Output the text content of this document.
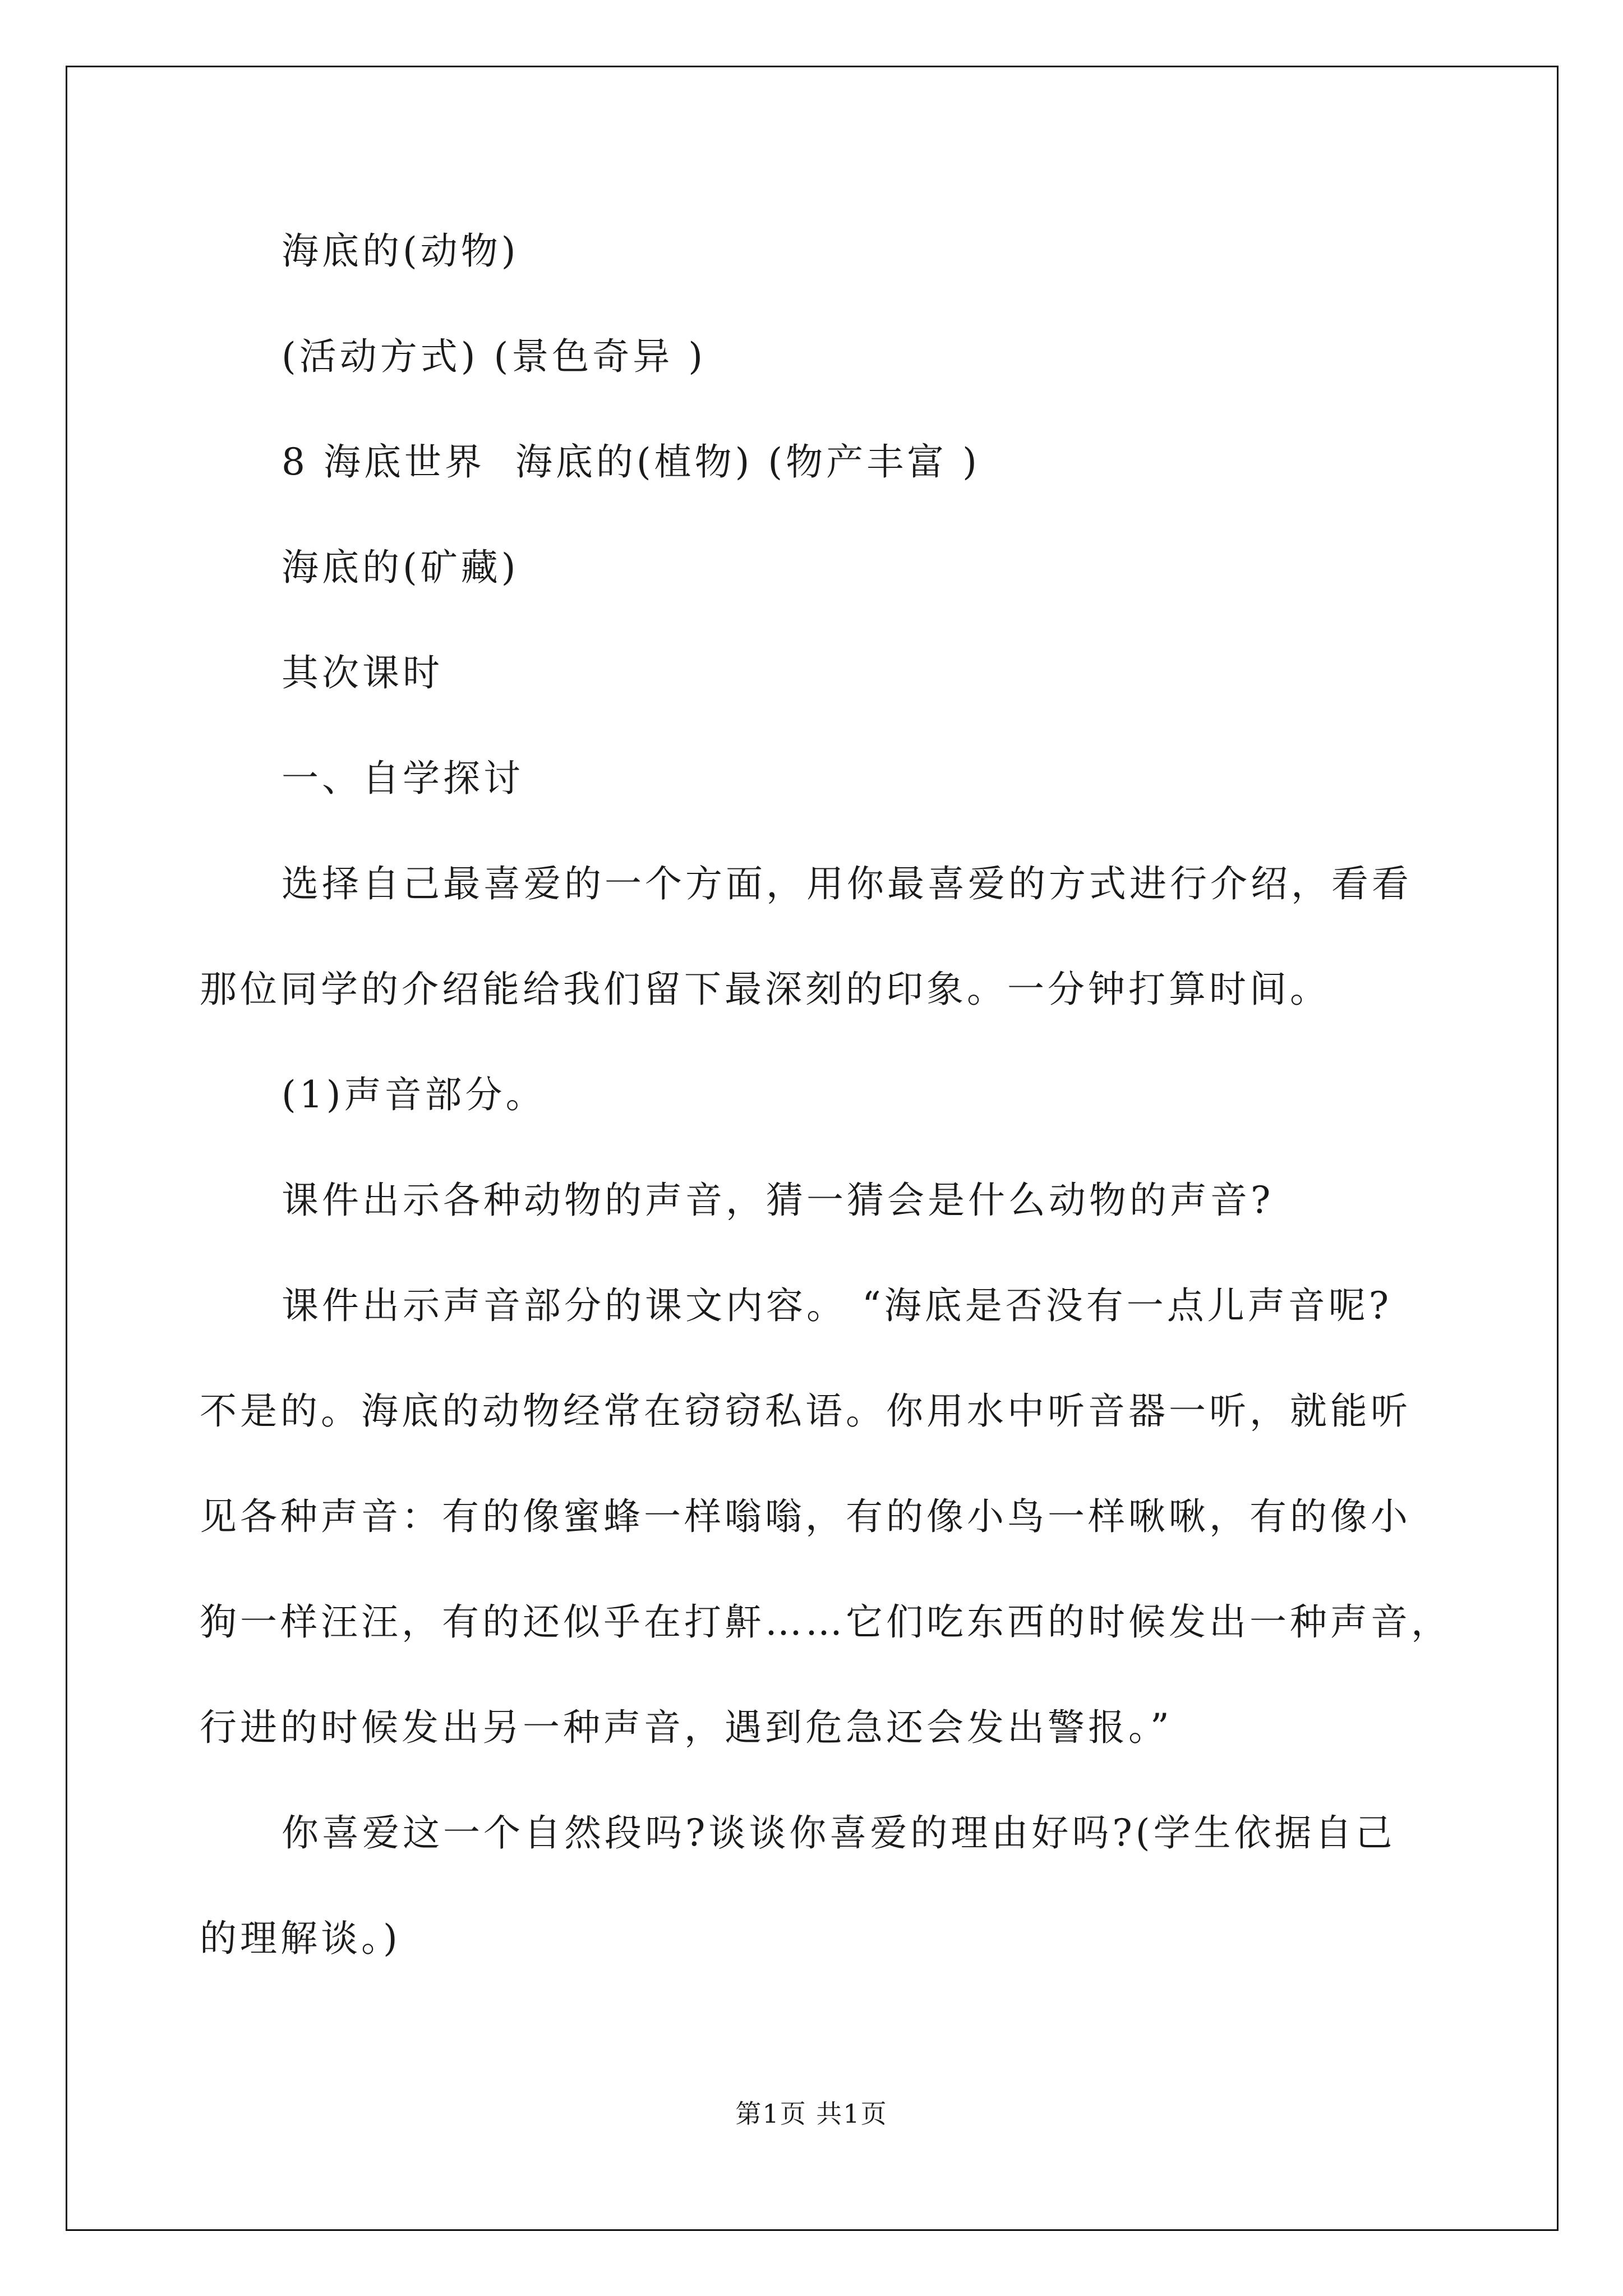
海底的(动物)
(活动方式) (景色奇异 )
8 海底世界  海底的(植物) (物产丰富 )
海底的(矿藏)
其次课时
一、自学探讨
选择自己最喜爱的一个方面，用你最喜爱的方式进行介绍，看看
那位同学的介绍能给我们留下最深刻的印象。一分钟打算时间。
(1)声音部分。
课件出示各种动物的声音，猜一猜会是什么动物的声音?
课件出示声音部分的课文内容。 “海底是否没有一点儿声音呢?
不是的。海底的动物经常在窃窃私语。你用水中听音器一听，就能听
见各种声音：有的像蜜蜂一样嗡嗡，有的像小鸟一样啾啾，有的像小
狗一样汪汪，有的还似乎在打鼾……它们吃东西的时候发出一种声音，
行进的时候发出另一种声音，遇到危急还会发出警报。”
你喜爱这一个自然段吗?谈谈你喜爱的理由好吗?(学生依据自己
的理解谈。)
第1页 共1页
